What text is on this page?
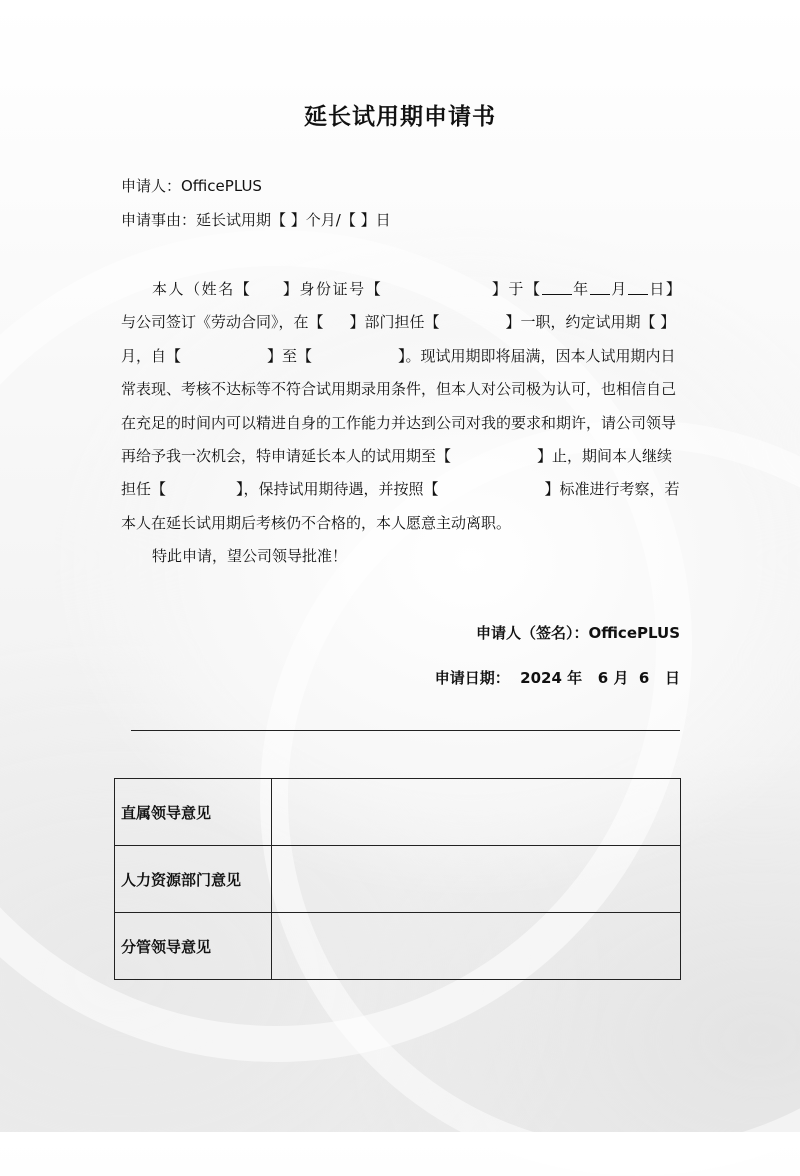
延长试用期申请书
申请人：OfficePLUS
申请事由：延长试用期【 】个月/【 】日

本人（姓名【 】身份证号【	】于【 年 月 日】

与公司签订《劳动合同》，在【 】部门担任【	】一职，约定试用期【 】月，自【	】至【	】。现试用期即将届满，因本人试用期内日常表现、考核不达标等不符合试用期录用条件，但本人对公司极为认可，也相信自己在充足的时间内可以精进自身的工作能力并达到公司对我的要求和期许，请公司领导再给予我一次机会，特申请延长本人的试用期至【	】止，期间本人继续担任【	】，保持试用期待遇，并按照【	】标准进行考察，若本人在延长试用期后考核仍不合格的，本人愿意主动离职。

特此申请，望公司领导批准！

申请人（签名）：OfficePLUS
申请日期：  2024 年   6 月  6   日
直属领导意见	
人力资源部门意见	
分管领导意见	
